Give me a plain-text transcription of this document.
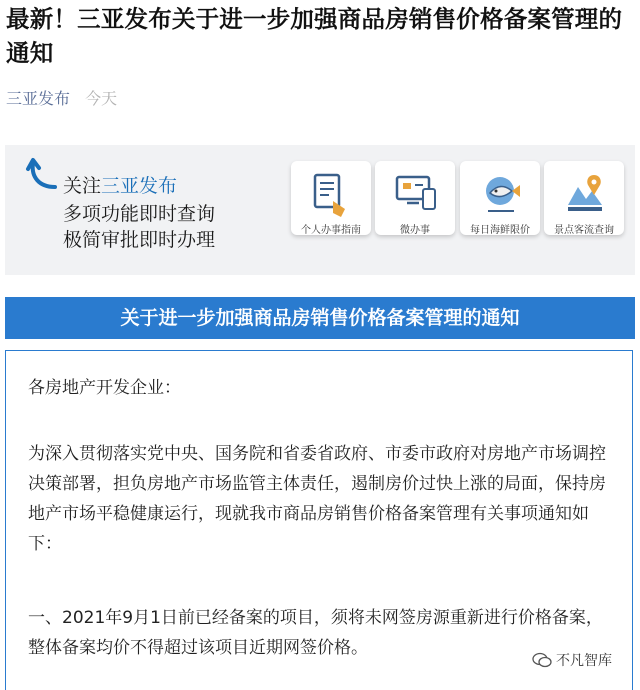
最新！三亚发布关于进一步加强商品房销售价格备案管理的通知
三亚发布 今天
关注三亚发布
多项功能即时查询
极简审批即时办理	个人办事指南	微办事	每日海鲜限价	景点客流查询
关于进一步加强商品房销售价格备案管理的通知

各房地产开发企业：

为深入贯彻落实党中央、国务院和省委省政府、市委市政府对房地产市场调控决策部署，担负房地产市场监管主体责任，遏制房价过快上涨的局面，保持房地产市场平稳健康运行，现就我市商品房销售价格备案管理有关事项通知如下：

一、2021年9月1日前已经备案的项目，须将未网签房源重新进行价格备案，整体备案均价不得超过该项目近期网签价格。

不凡智库
